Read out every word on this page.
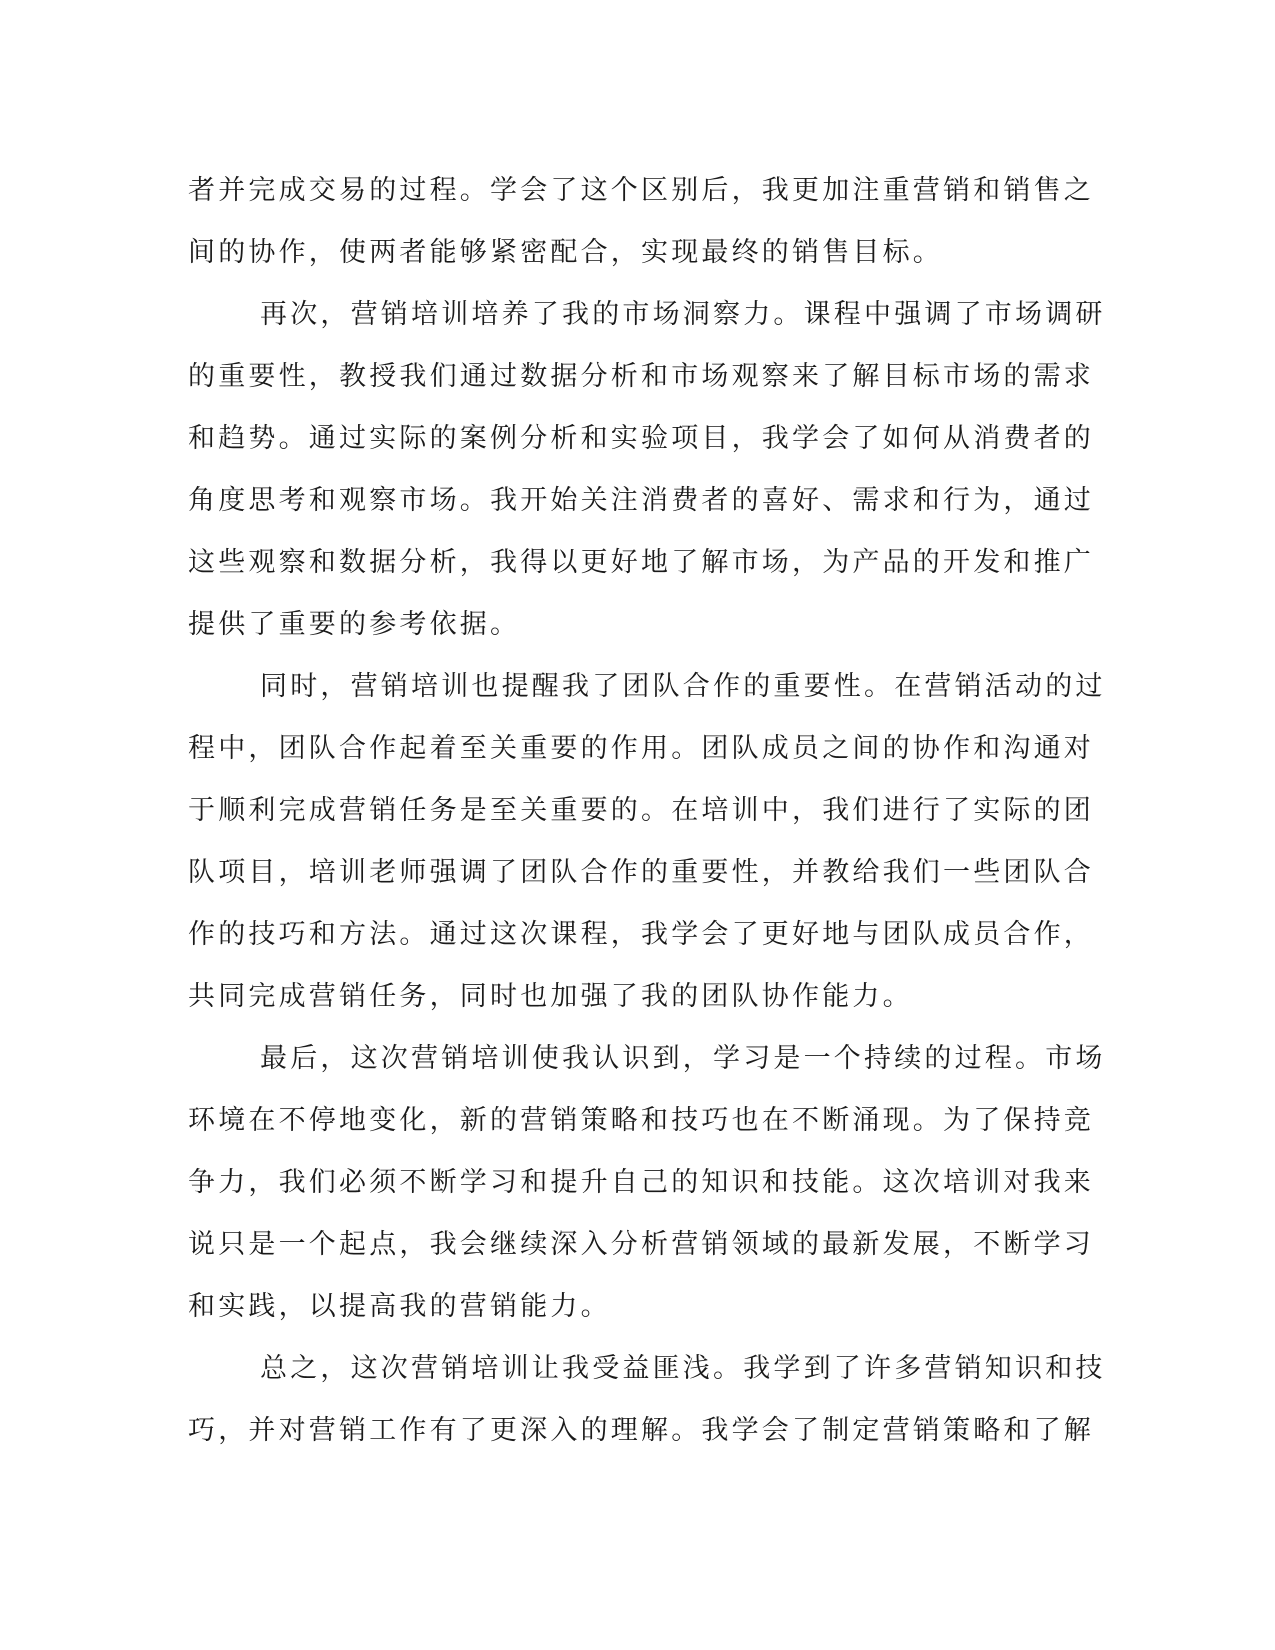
者并完成交易的过程。学会了这个区别后，我更加注重营销和销售之
间的协作，使两者能够紧密配合，实现最终的销售目标。
再次，营销培训培养了我的市场洞察力。课程中强调了市场调研
的重要性，教授我们通过数据分析和市场观察来了解目标市场的需求
和趋势。通过实际的案例分析和实验项目，我学会了如何从消费者的
角度思考和观察市场。我开始关注消费者的喜好、需求和行为，通过
这些观察和数据分析，我得以更好地了解市场，为产品的开发和推广
提供了重要的参考依据。
同时，营销培训也提醒我了团队合作的重要性。在营销活动的过
程中，团队合作起着至关重要的作用。团队成员之间的协作和沟通对
于顺利完成营销任务是至关重要的。在培训中，我们进行了实际的团
队项目，培训老师强调了团队合作的重要性，并教给我们一些团队合
作的技巧和方法。通过这次课程，我学会了更好地与团队成员合作，
共同完成营销任务，同时也加强了我的团队协作能力。
最后，这次营销培训使我认识到，学习是一个持续的过程。市场
环境在不停地变化，新的营销策略和技巧也在不断涌现。为了保持竞
争力，我们必须不断学习和提升自己的知识和技能。这次培训对我来
说只是一个起点，我会继续深入分析营销领域的最新发展，不断学习
和实践，以提高我的营销能力。
总之，这次营销培训让我受益匪浅。我学到了许多营销知识和技
巧，并对营销工作有了更深入的理解。我学会了制定营销策略和了解
